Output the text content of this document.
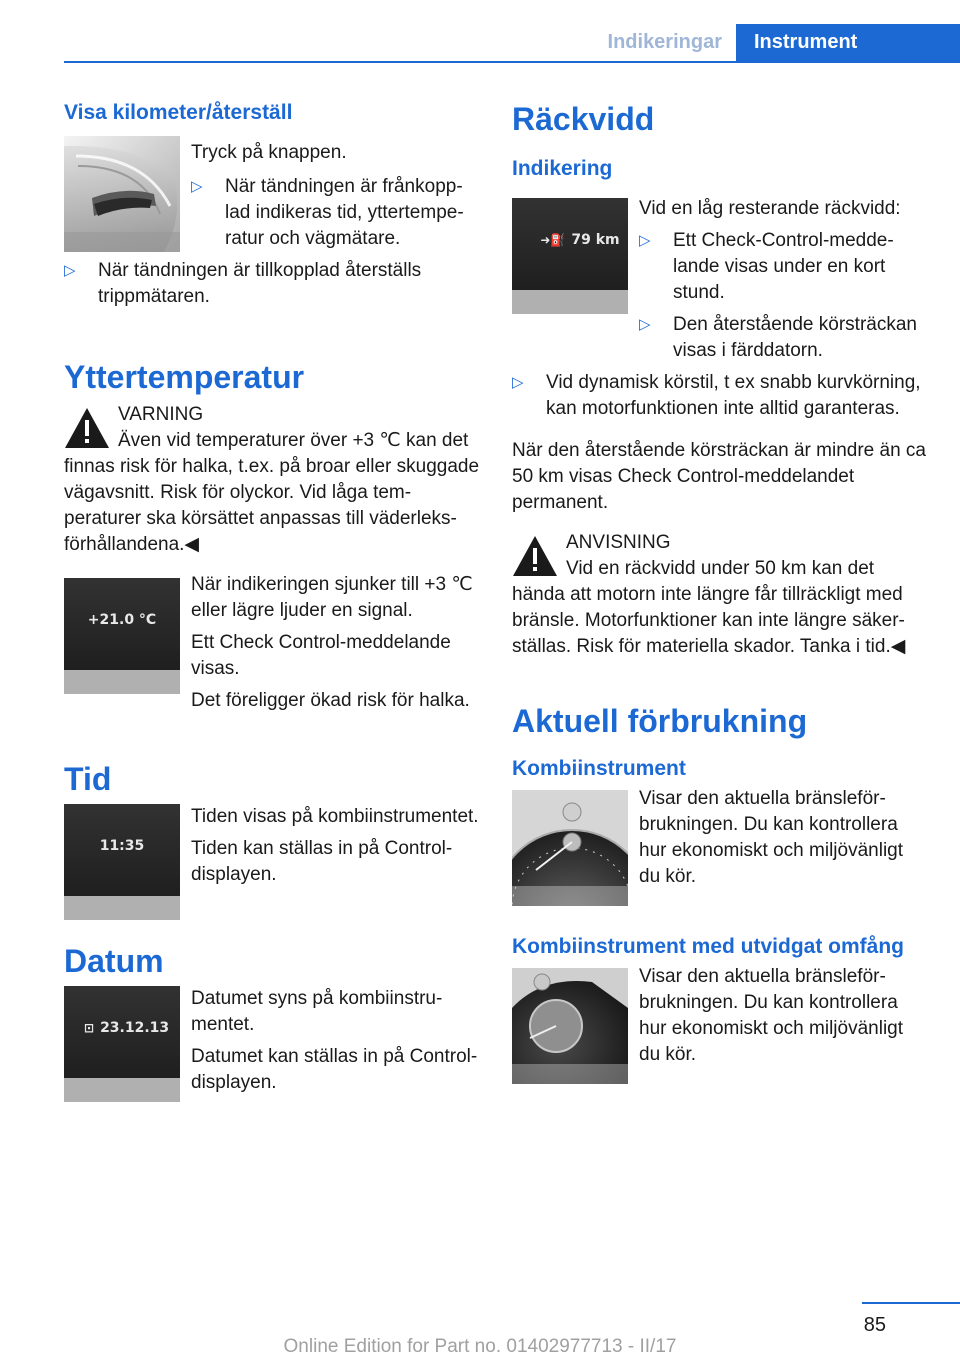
Indikeringar	Instrument
Visa kilometer/återställ

Tryck på knappen.

▷	När tändningen är frånkopplad indikeras tid, yttertemperatur och vägmätare.

▷	När tändningen är tillkopplad återställs trippmätaren.

Yttertemperatur

VARNING

Även vid temperaturer över +3 ℃ kan det finnas risk för halka, t.ex. på broar eller skuggade vägavsnitt. Risk för olyckor. Vid låga temperaturer ska körsättet anpassas till väderleksförhållandena.◀

+21.0 °C

När indikeringen sjunker till +3 ℃ eller lägre ljuder en signal.

Ett Check Control-meddelande visas.

Det föreligger ökad risk för halka.

Tid
11:35

Tiden visas på kombiinstrumentet.

Tiden kan ställas in på Control-displayen.

Datum
⊡ 23.12.13

Datumet syns på kombiinstrumentet.

Datumet kan ställas in på Control-displayen.

Räckvidd
Indikering
➜⛽ 79 km

Vid en låg resterande räckvidd:

▷	Ett Check-Control-meddelande visas under en kort stund.

▷	Den återstående körsträckan visas i färddatorn.

▷	Vid dynamisk körstil, t ex snabb kurvkörning, kan motorfunktionen inte alltid garanteras.

När den återstående körsträckan är mindre än ca 50 km visas Check Control-meddelandet permanent.

ANVISNING

Vid en räckvidd under 50 km kan det hända att motorn inte längre får tillräckligt med bränsle. Motorfunktioner kan inte längre säkerställas. Risk för materiella skador. Tanka i tid.◀

Aktuell förbrukning
Kombiinstrument

Visar den aktuella bränsleförbrukningen. Du kan kontrollera hur ekonomiskt och miljövänligt du kör.

Kombiinstrument med utvidgat omfång

Visar den aktuella bränsleförbrukningen. Du kan kontrollera hur ekonomiskt och miljövänligt du kör.

85
Online Edition for Part no. 01402977713 - II/17
